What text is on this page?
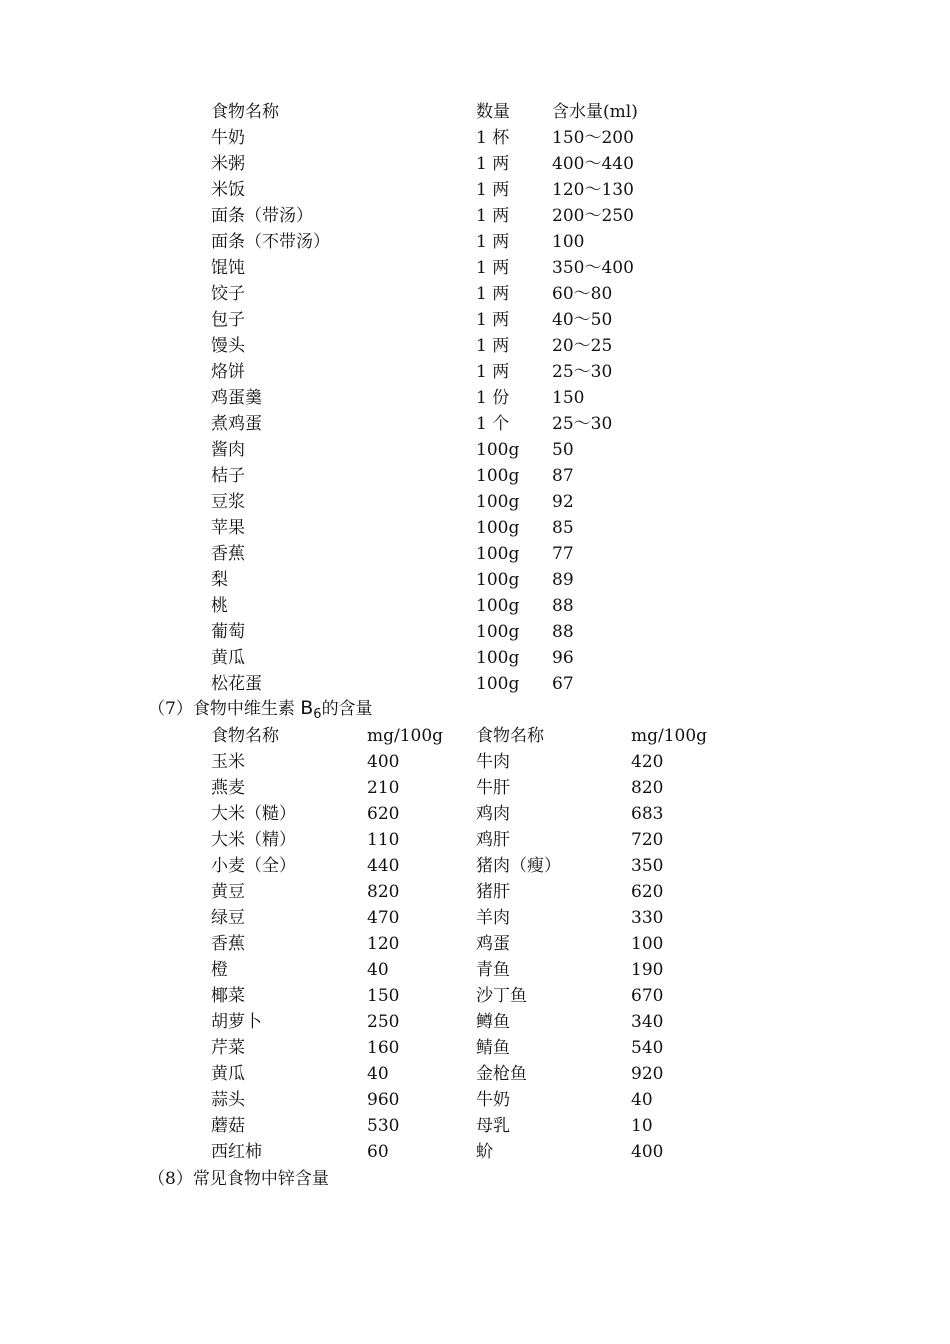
食物名称	数量 含水量(ml)
牛奶	1 杯	150～200
米粥	1 两	400～440
米饭	1 两	120～130
面条（带汤）	1 两	200～250
面条（不带汤）	1 两	100
馄饨	1 两	350～400
饺子	1 两	60～80
包子	1 两	40～50
馒头	1 两	20～25
烙饼	1 两	25～30
鸡蛋羹	1 份	150
煮鸡蛋	1 个	25～30
酱肉	100g 50
桔子	100g 87
豆浆	100g 92
苹果	100g 85
香蕉	100g 77
梨	100g 89
桃	100g 88
葡萄	100g 88
黄瓜	100g 96
松花蛋	100g 67
（7）食物中维生素 $B_6$的含量
食物名称	mg/100g 食物名称	mg/100g
玉米	400	牛肉	420
燕麦	210	牛肝	820
大米（糙）	620	鸡肉	683
大米（精）	110	鸡肝	720
小麦（全）	440	猪肉（瘦）	350
黄豆	820	猪肝	620
绿豆	470	羊肉	330
香蕉	120	鸡蛋	100
橙	40	青鱼	190
椰菜	150	沙丁鱼	670
胡萝卜	250	鳟鱼	340
芹菜	160	鲭鱼	540
黄瓜	40	金枪鱼	920
蒜头	960	牛奶	40
蘑菇	530	母乳	10
西红柿	60	蚧	400
（8）常见食物中锌含量
